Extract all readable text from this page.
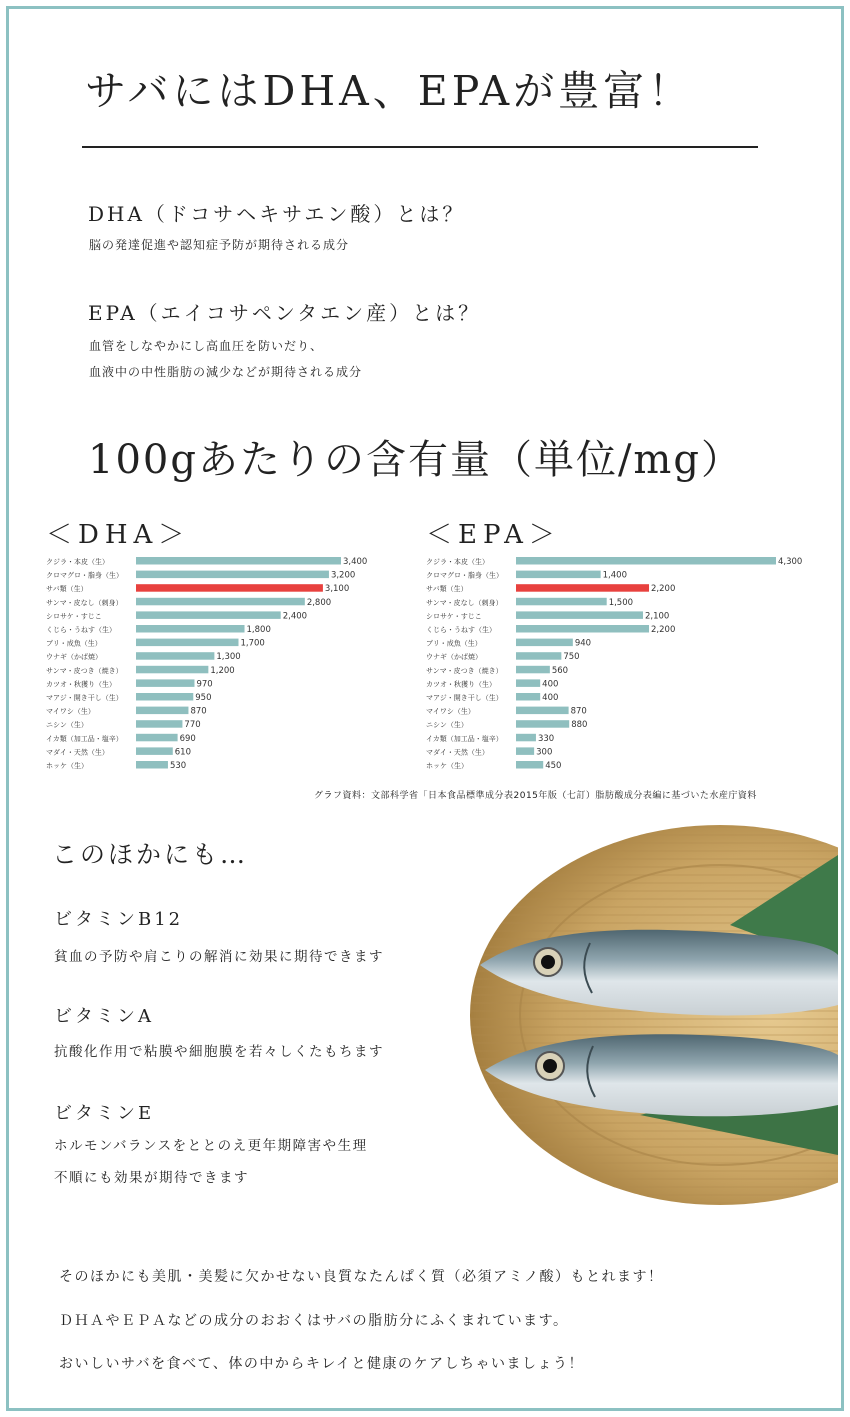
サバにはDHA、EPAが豊富！
DHA（ドコサヘキサエン酸）とは？
脳の発達促進や認知症予防が期待される成分
EPA（エイコサペンタエン産）とは？
血管をしなやかにし高血圧を防いだり、
血液中の中性脂肪の減少などが期待される成分
100gあたりの含有量（単位/mg）
＜DHA＞	＜EPA＞
クジラ・本皮（生）	3,400
クロマグロ・脂身（生）	3,200
サバ類（生）	3,100
サンマ・皮なし（刺身）	2,800
シロサケ・すじこ	2,400
くじら・うねす（生）	1,800
ブリ・成魚（生）	1,700
ウナギ（かば焼）	1,300
サンマ・皮つき（焼き）	1,200
カツオ・秋獲り（生）	970
マアジ・開き干し（生）	950
マイワシ（生）	870
ニシン（生）	770
イカ類（加工品・塩辛）	690
マダイ・天然（生）	610
ホッケ（生）	530
クジラ・本皮（生）	4,300
クロマグロ・脂身（生）	1,400
サバ類（生）	2,200
サンマ・皮なし（刺身）	1,500
シロサケ・すじこ	2,100
くじら・うねす（生）	2,200
ブリ・成魚（生）	940
ウナギ（かば焼）	750
サンマ・皮つき（焼き）	560
カツオ・秋獲り（生）	400
マアジ・開き干し（生）	400
マイワシ（生）	870
ニシン（生）	880
イカ類（加工品・塩辛）	330
マダイ・天然（生）	300
ホッケ（生）	450
グラフ資料：文部科学省「日本食品標準成分表2015年版（七訂）脂肪酸成分表編に基づいた水産庁資料
このほかにも…
ビタミンB12
貧血の予防や肩こりの解消に効果に期待できます
ビタミンA
抗酸化作用で粘膜や細胞膜を若々しくたもちます
ビタミンE
ホルモンバランスをととのえ更年期障害や生理
不順にも効果が期待できます
そのほかにも美肌・美髪に欠かせない良質なたんぱく質（必須アミノ酸）もとれます！
ＤＨＡやＥＰＡなどの成分のおおくはサバの脂肪分にふくまれています。
おいしいサバを食べて、体の中からキレイと健康のケアしちゃいましょう！
